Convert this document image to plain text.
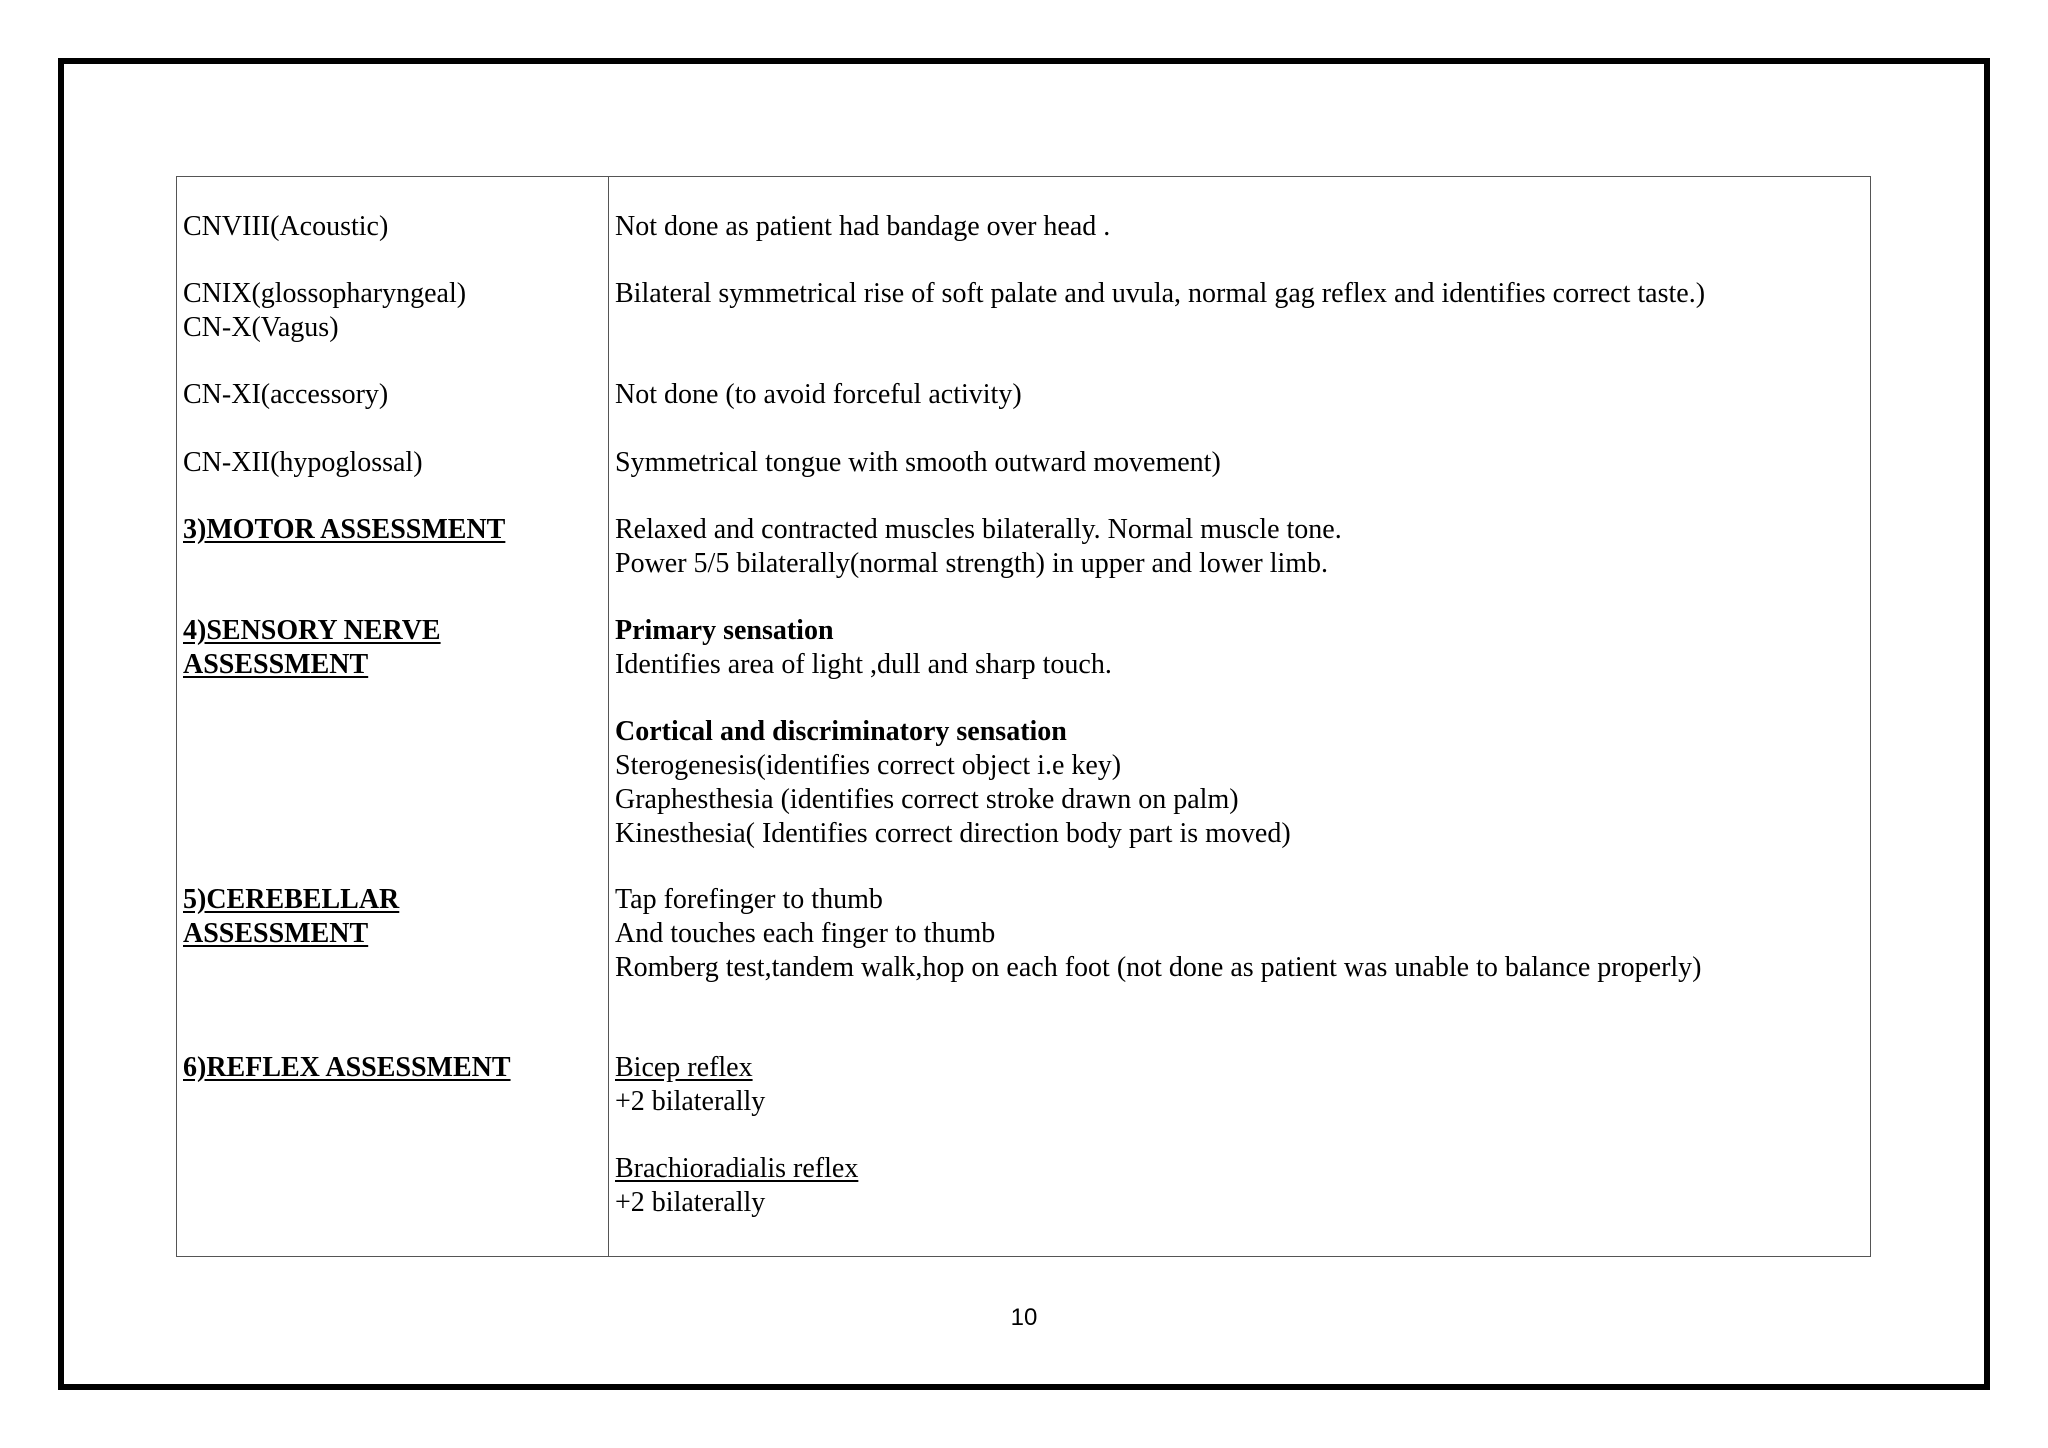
CNVIII(Acoustic)
CNIX(glossopharyngeal)
CN-X(Vagus)
CN-XI(accessory)
CN-XII(hypoglossal)
3)MOTOR ASSESSMENT
4)SENSORY NERVE
ASSESSMENT
5)CEREBELLAR
ASSESSMENT
6)REFLEX ASSESSMENT
Not done as patient had bandage over head .
Bilateral symmetrical rise of soft palate and uvula, normal gag reflex and identifies correct taste.)
Not done (to avoid forceful activity)
Symmetrical tongue with smooth outward movement)
Relaxed and contracted muscles bilaterally. Normal muscle tone.
Power 5/5 bilaterally(normal strength) in upper and lower limb.
Primary sensation
Identifies area of light ,dull and sharp touch.
Cortical and discriminatory sensation
Sterogenesis(identifies correct object i.e key)
Graphesthesia (identifies correct stroke drawn on palm)
Kinesthesia( Identifies correct direction body part is moved)
Tap forefinger to thumb
And touches each finger to thumb
Romberg test,tandem walk,hop on each foot (not done as patient was unable to balance properly)
Bicep reflex
+2 bilaterally
Brachioradialis reflex
+2 bilaterally
10
